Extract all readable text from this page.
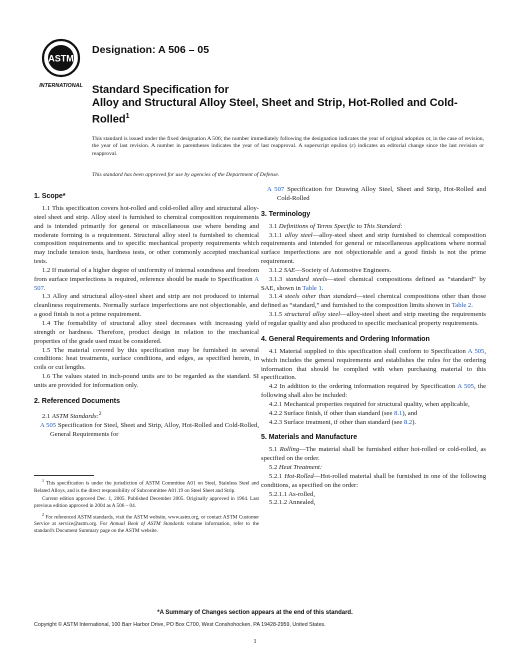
ASTM
INTERNATIONAL
Designation: A 506 – 05
Standard Specification for
Alloy and Structural Alloy Steel, Sheet and Strip, Hot-Rolled and Cold-Rolled$^1$
This standard is issued under the fixed designation A 506; the number immediately following the designation indicates the year of original adoption or, in the case of revision, the year of last revision. A number in parentheses indicates the year of last reapproval. A superscript epsilon (ε) indicates an editorial change since the last revision or reapproval.
This standard has been approved for use by agencies of the Department of Defense.
1. Scope*

1.1 This specification covers hot-rolled and cold-rolled alloy and structural alloy-steel sheet and strip. Alloy steel is furnished to chemical composition requirements and is intended primarily for general or miscellaneous use where bending and moderate forming is a requirement. Structural alloy steel is furnished to chemical composition requirements and to specific mechanical property requirements which may include tension tests, hardness tests, or other commonly accepted mechanical tests.

1.2 If material of a higher degree of uniformity of internal soundness and freedom from surface imperfections is required, reference should be made to Specification A 507.

1.3 Alloy and structural alloy-steel sheet and strip are not produced to internal cleanliness requirements. Normally surface imperfections are not objectionable, and a good finish is not a prime requirement.

1.4 The formability of structural alloy steel decreases with increasing yield strength or hardness. Therefore, product design in relation to the mechanical properties of the grade used must be considered.

1.5 The material covered by this specification may be furnished in several conditions: heat treatments, surface conditions, and edges, as specified herein, in coils or cut lengths.

1.6 The values stated in inch-pound units are to be regarded as the standard. SI units are provided for information only.

2. Referenced Documents

2.1 ASTM Standards:$^2$

A 505 Specification for Steel, Sheet and Strip, Alloy, Hot-Rolled and Cold-Rolled, General Requirements for

$^1$ This specification is under the jurisdiction of ASTM Committee A01 on Steel, Stainless Steel and Related Alloys, and is the direct responsibility of Subcommittee A01.19 on Steel Sheet and Strip.

Current edition approved Dec. 1, 2005. Published December 2005. Originally approved in 1964. Last previous edition approved in 2004 as A 506 – 04.

$^2$ For referenced ASTM standards, visit the ASTM website, www.astm.org, or contact ASTM Customer Service at service@astm.org. For Annual Book of ASTM Standards volume information, refer to the standard's Document Summary page on the ASTM website.

A 507 Specification for Drawing Alloy Steel, Sheet and Strip, Hot-Rolled and Cold-Rolled

3. Terminology

3.1 Definitions of Terms Specific to This Standard:

3.1.1 alloy steel—alloy-steel sheet and strip furnished to chemical composition requirements and intended for general or miscellaneous applications where normal surface imperfections are not objectionable and a good finish is not the prime requirement.

3.1.2 SAE—Society of Automotive Engineers.

3.1.3 standard steels—steel chemical compositions defined as “standard” by SAE, shown in Table 1.

3.1.4 steels other than standard—steel chemical compositions other than those defined as “standard,” and furnished to the composition limits shown in Table 2.

3.1.5 structural alloy steel—alloy-steel sheet and strip meeting the requirements of regular quality and also produced to specific mechanical property requirements.

4. General Requirements and Ordering Information

4.1 Material supplied to this specification shall conform to Specification A 505, which includes the general requirements and establishes the rules for the ordering information that should be complied with when purchasing material to this specification.

4.2 In addition to the ordering information required by Specification A 505, the following shall also be included:

4.2.1 Mechanical properties required for structural quality, when applicable,

4.2.2 Surface finish, if other than standard (see 8.1), and

4.2.3 Surface treatment, if other than standard (see 8.2).

5. Materials and Manufacture

5.1 Rolling—The material shall be furnished either hot-rolled or cold-rolled, as specified on the order.

5.2 Heat Treatment:

5.2.1 Hot-Rolled—Hot-rolled material shall be furnished in one of the following conditions, as specified on the order:

5.2.1.1 As-rolled,

5.2.1.2 Annealed,

*A Summary of Changes section appears at the end of this standard.
Copyright © ASTM International, 100 Barr Harbor Drive, PO Box C700, West Conshohocken, PA 19428-2959, United States.
1
